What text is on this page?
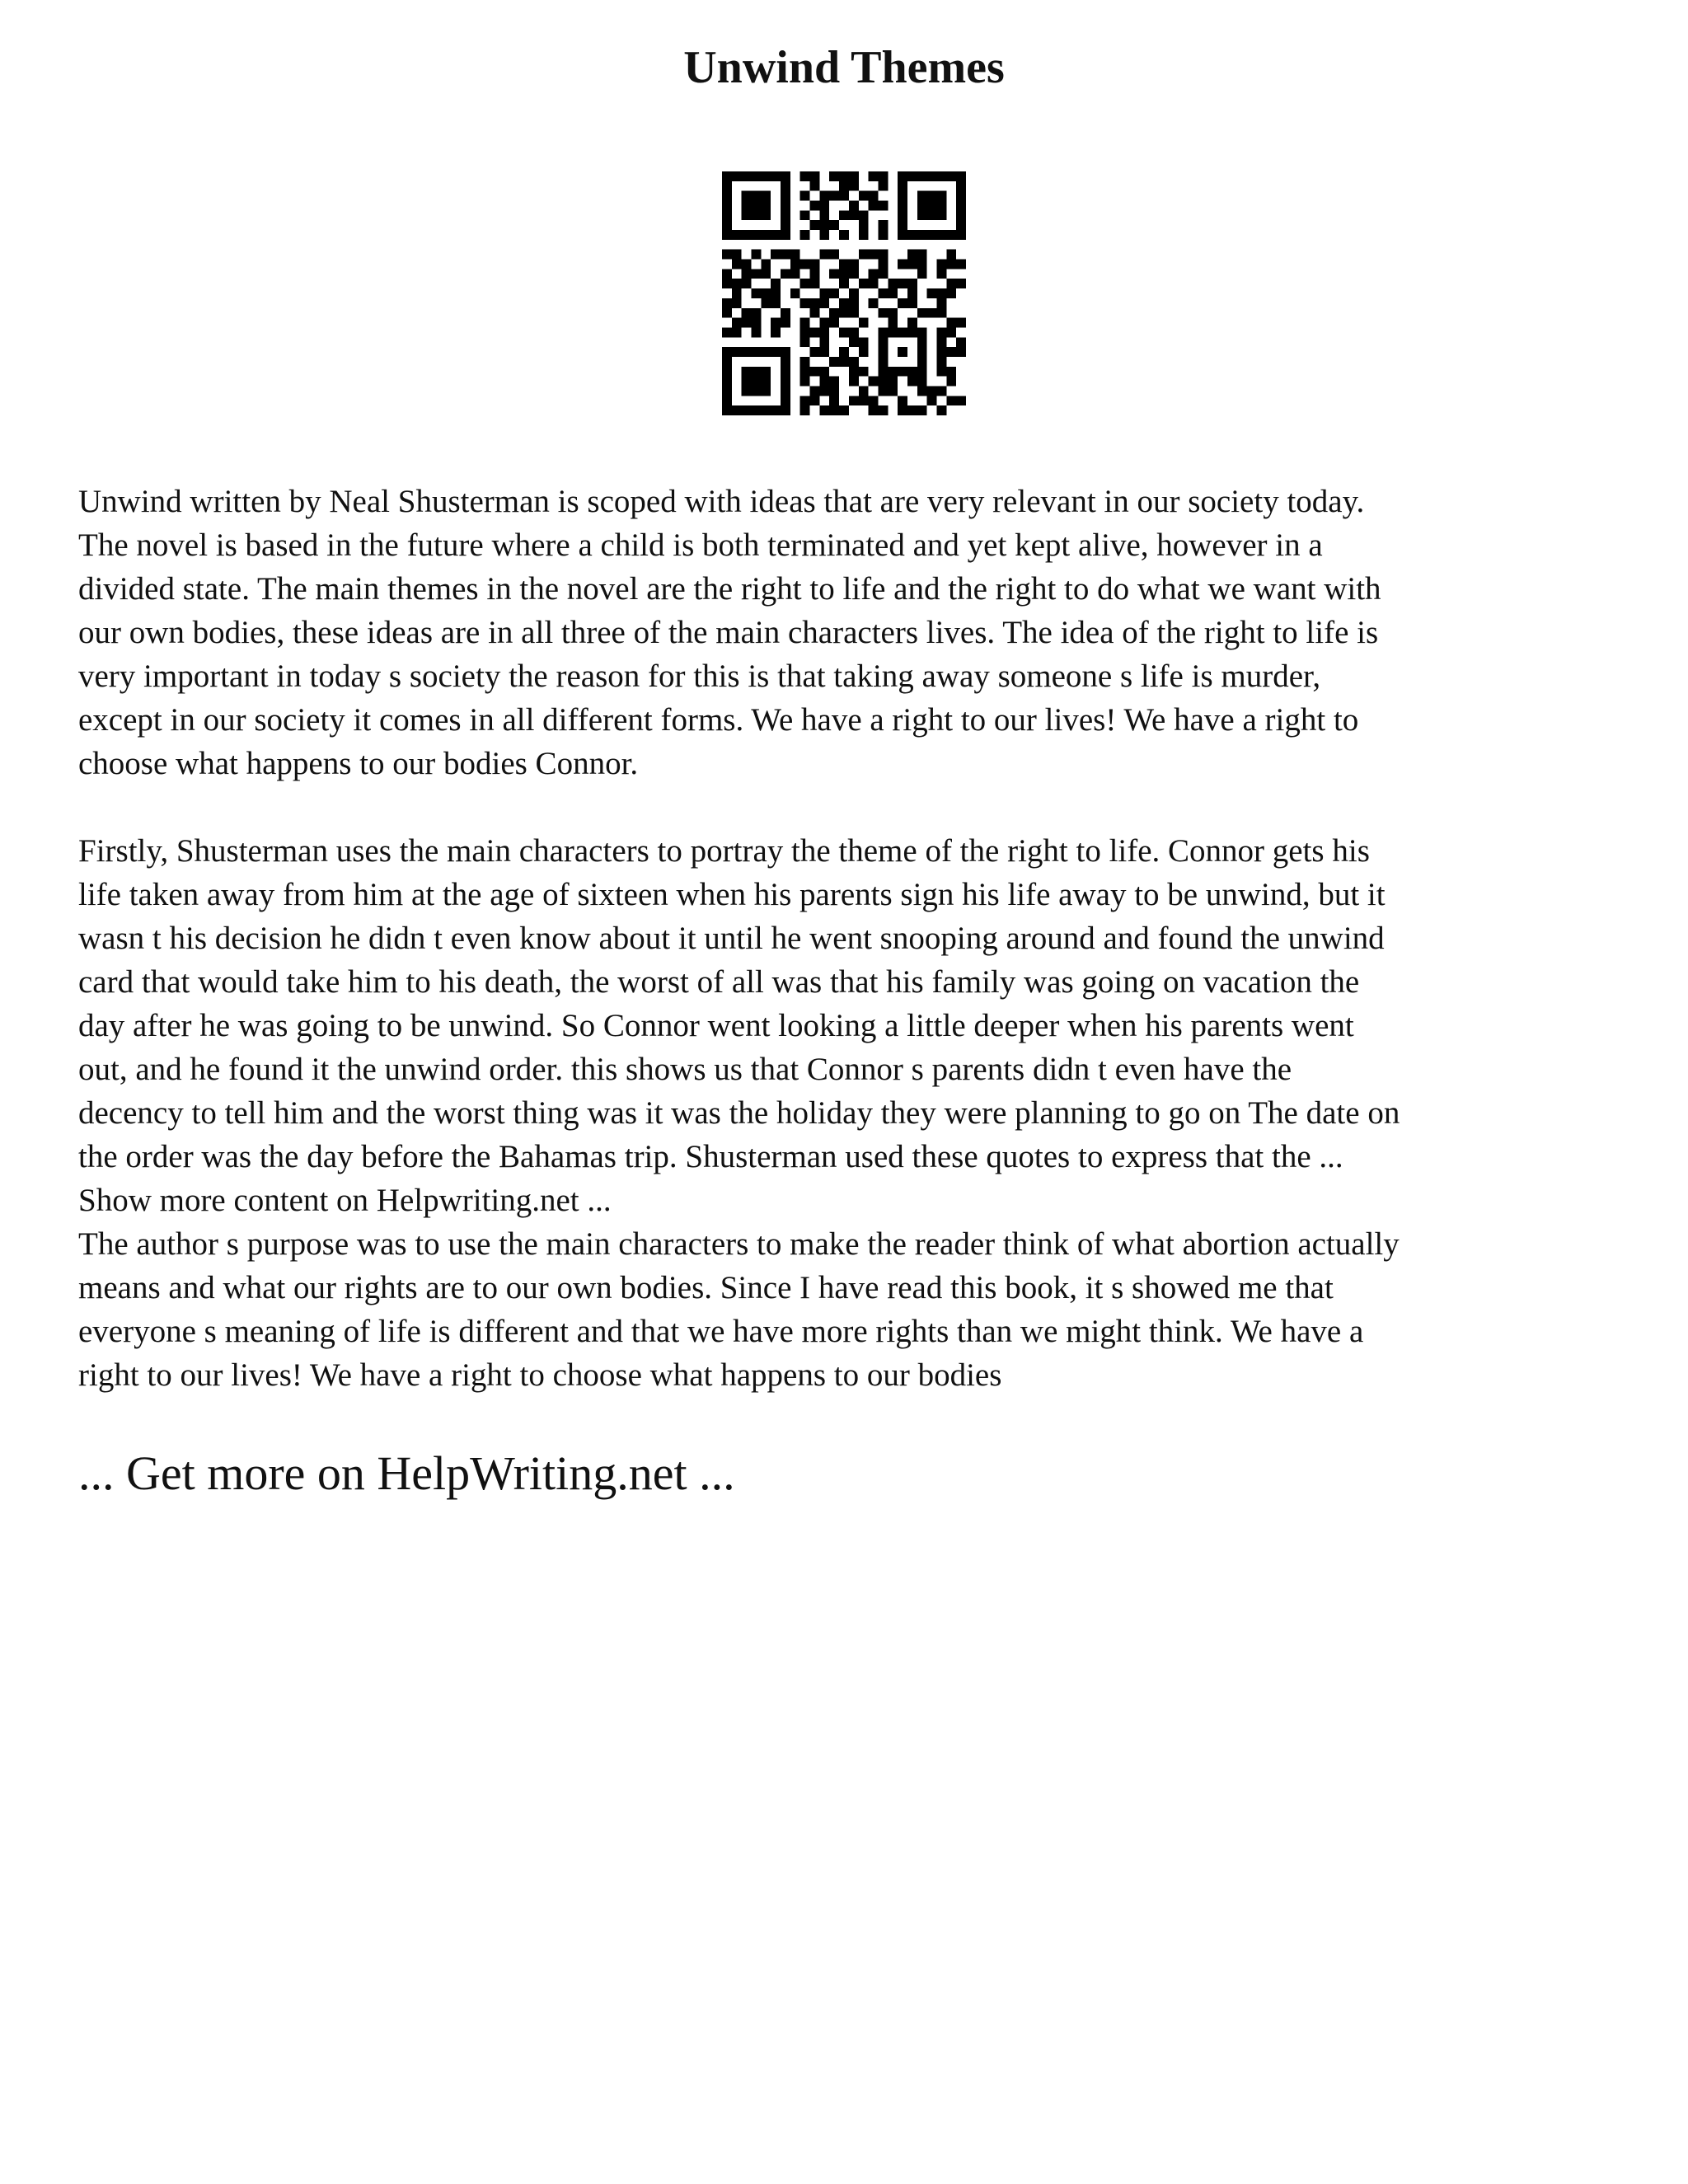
Unwind Themes

Unwind written by Neal Shusterman is scoped with ideas that are very relevant in our society today.
The novel is based in the future where a child is both terminated and yet kept alive, however in a
divided state. The main themes in the novel are the right to life and the right to do what we want with
our own bodies, these ideas are in all three of the main characters lives. The idea of the right to life is
very important in today s society the reason for this is that taking away someone s life is murder,
except in our society it comes in all different forms. We have a right to our lives! We have a right to
choose what happens to our bodies Connor.

Firstly, Shusterman uses the main characters to portray the theme of the right to life. Connor gets his
life taken away from him at the age of sixteen when his parents sign his life away to be unwind, but it
wasn t his decision he didn t even know about it until he went snooping around and found the unwind
card that would take him to his death, the worst of all was that his family was going on vacation the
day after he was going to be unwind. So Connor went looking a little deeper when his parents went
out, and he found it the unwind order. this shows us that Connor s parents didn t even have the
decency to tell him and the worst thing was it was the holiday they were planning to go on The date on
the order was the day before the Bahamas trip. Shusterman used these quotes to express that the ...
Show more content on Helpwriting.net ...

The author s purpose was to use the main characters to make the reader think of what abortion actually
means and what our rights are to our own bodies. Since I have read this book, it s showed me that
everyone s meaning of life is different and that we have more rights than we might think. We have a
right to our lives! We have a right to choose what happens to our bodies

... Get more on HelpWriting.net ...
